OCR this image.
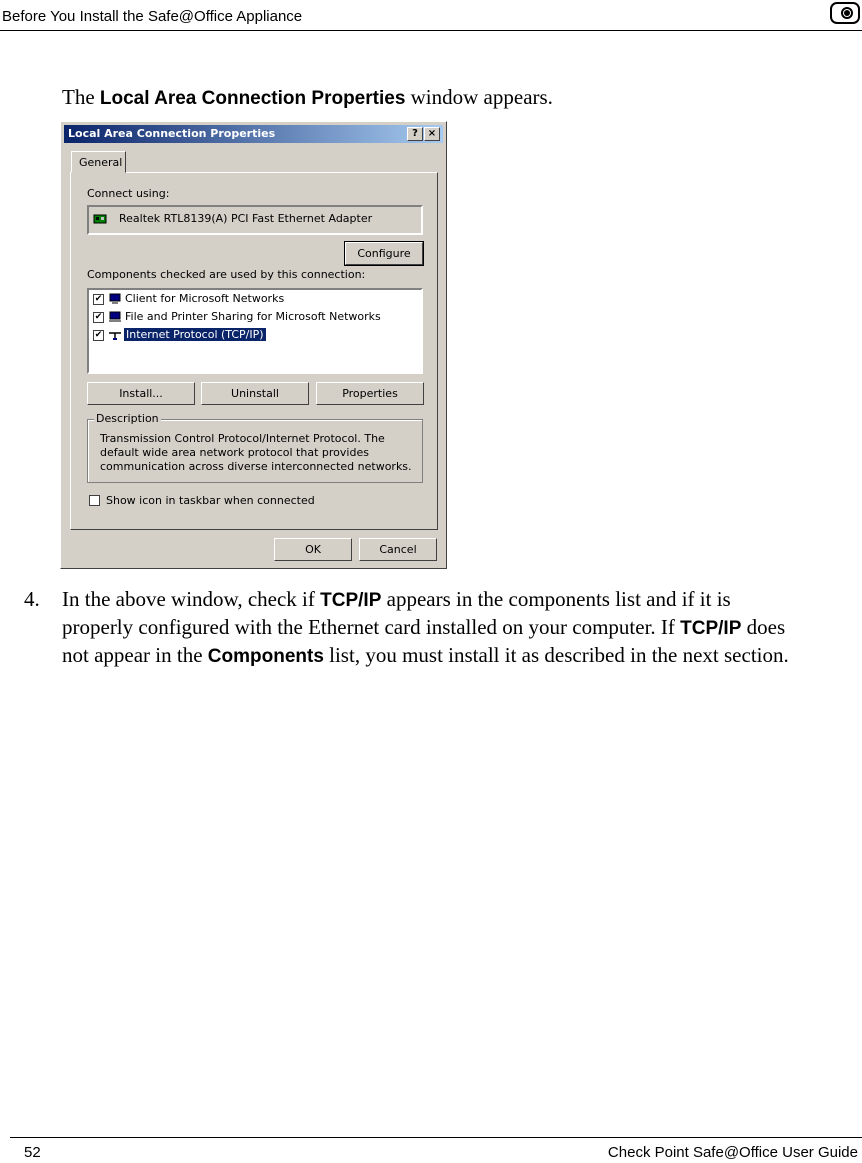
Before You Install the Safe@Office Appliance
The Local Area Connection Properties window appears.
Local Area Connection Properties	? ×
General
Connect using:
Realtek RTL8139(A) PCI Fast Ethernet Adapter
Configure
Components checked are used by this connection:
✔ Client for Microsoft Networks
✔ File and Printer Sharing for Microsoft Networks
✔ Internet Protocol (TCP/IP)
Install...	Uninstall	Properties
Description
Transmission Control Protocol/Internet Protocol. The default wide area network protocol that provides communication across diverse interconnected networks.
Show icon in taskbar when connected
OK	Cancel
4. In the above window, check if TCP/IP appears in the components list and if it is properly configured with the Ethernet card installed on your computer. If TCP/IP does not appear in the Components list, you must install it as described in the next section.
52	Check Point Safe@Office User Guide
